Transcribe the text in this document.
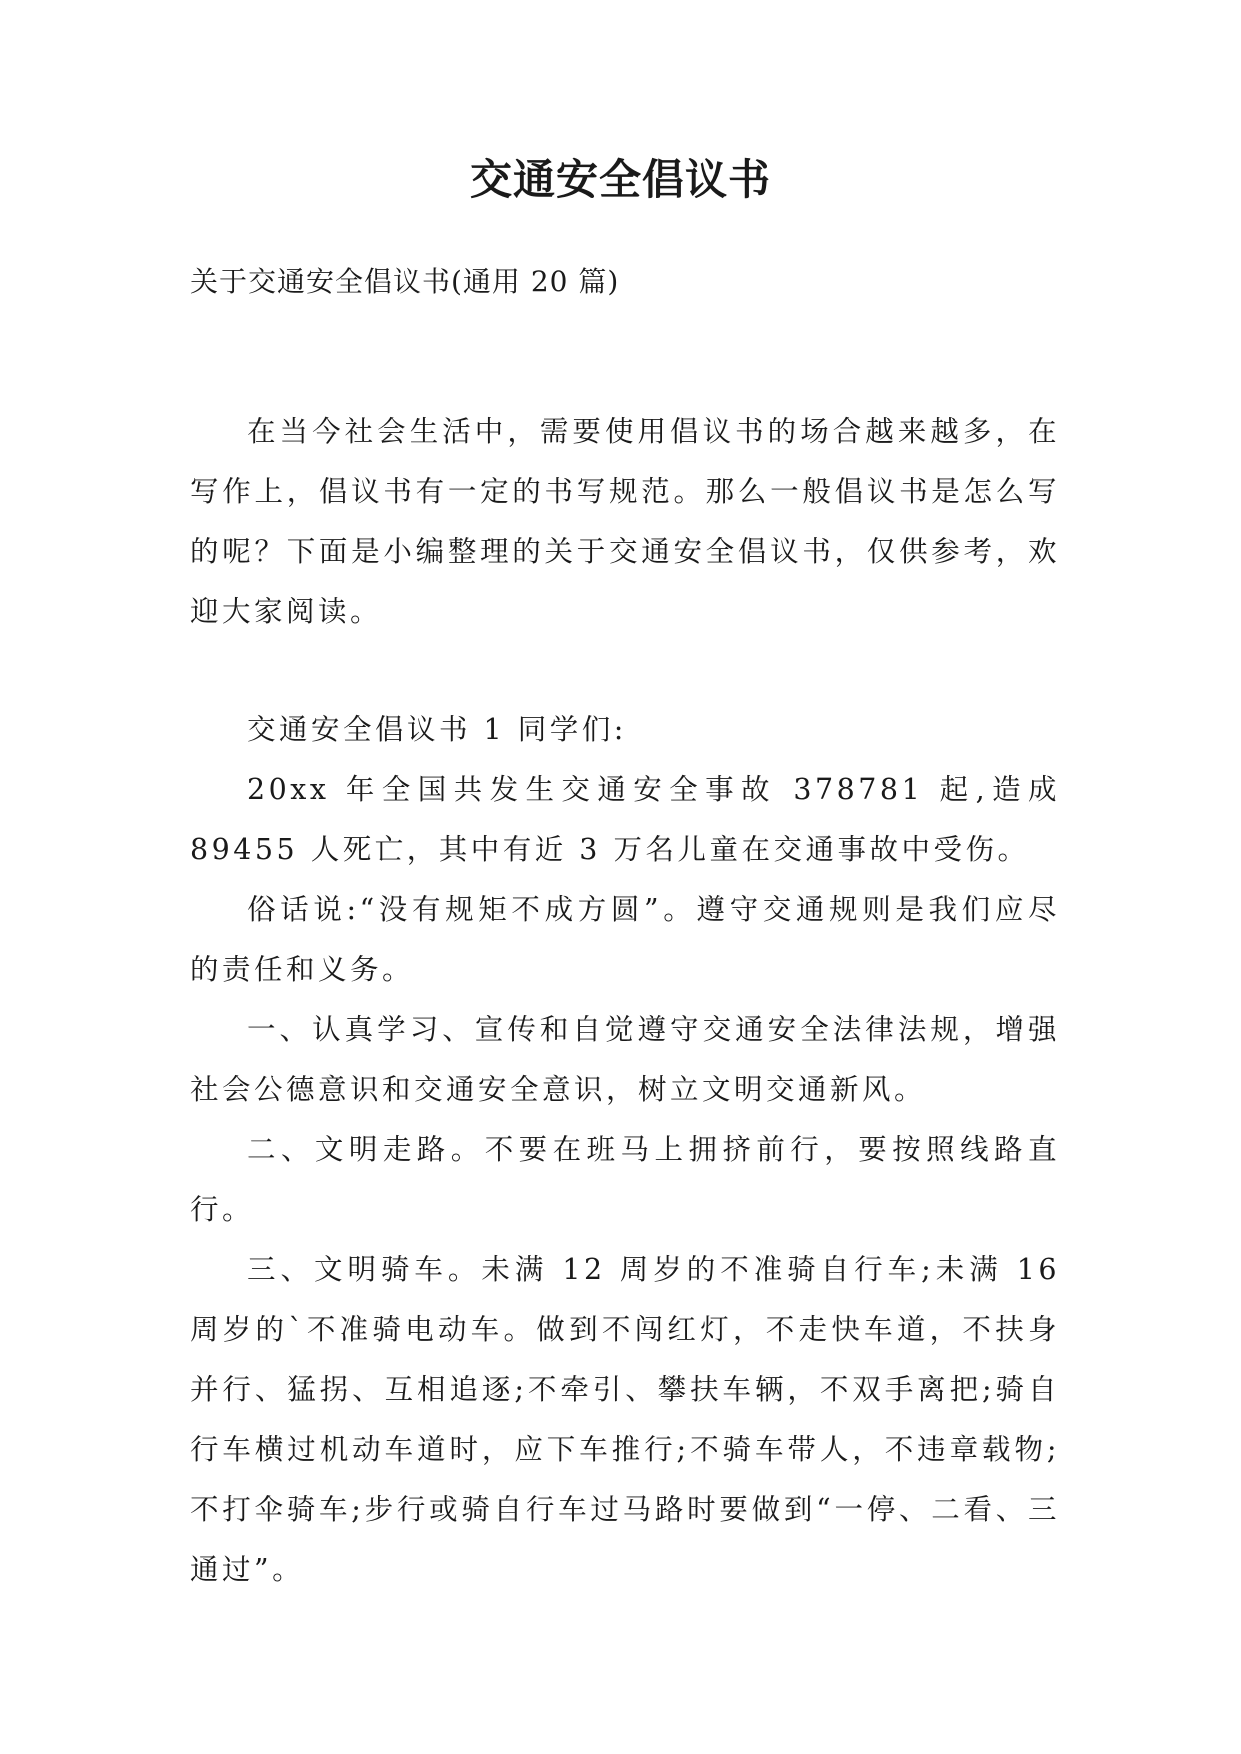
交通安全倡议书
关于交通安全倡议书(通用 20 篇)

在当今社会生活中，需要使用倡议书的场合越来越多，在写作上，倡议书有一定的书写规范。那么一般倡议书是怎么写的呢？下面是小编整理的关于交通安全倡议书，仅供参考，欢迎大家阅读。

交通安全倡议书 1 同学们:

20xx 年全国共发生交通安全事故 378781 起,造成 89455 人死亡，其中有近 3 万名儿童在交通事故中受伤。

俗话说:“没有规矩不成方圆”。遵守交通规则是我们应尽的责任和义务。

一、认真学习、宣传和自觉遵守交通安全法律法规，增强社会公德意识和交通安全意识，树立文明交通新风。

二、文明走路。不要在班马上拥挤前行，要按照线路直行。

三、文明骑车。未满 12 周岁的不准骑自行车;未满 16 周岁的`不准骑电动车。做到不闯红灯，不走快车道，不扶身并行、猛拐、互相追逐;不牵引、攀扶车辆，不双手离把;骑自行车横过机动车道时，应下车推行;不骑车带人，不违章载物;不打伞骑车;步行或骑自行车过马路时要做到“一停、二看、三通过”。
